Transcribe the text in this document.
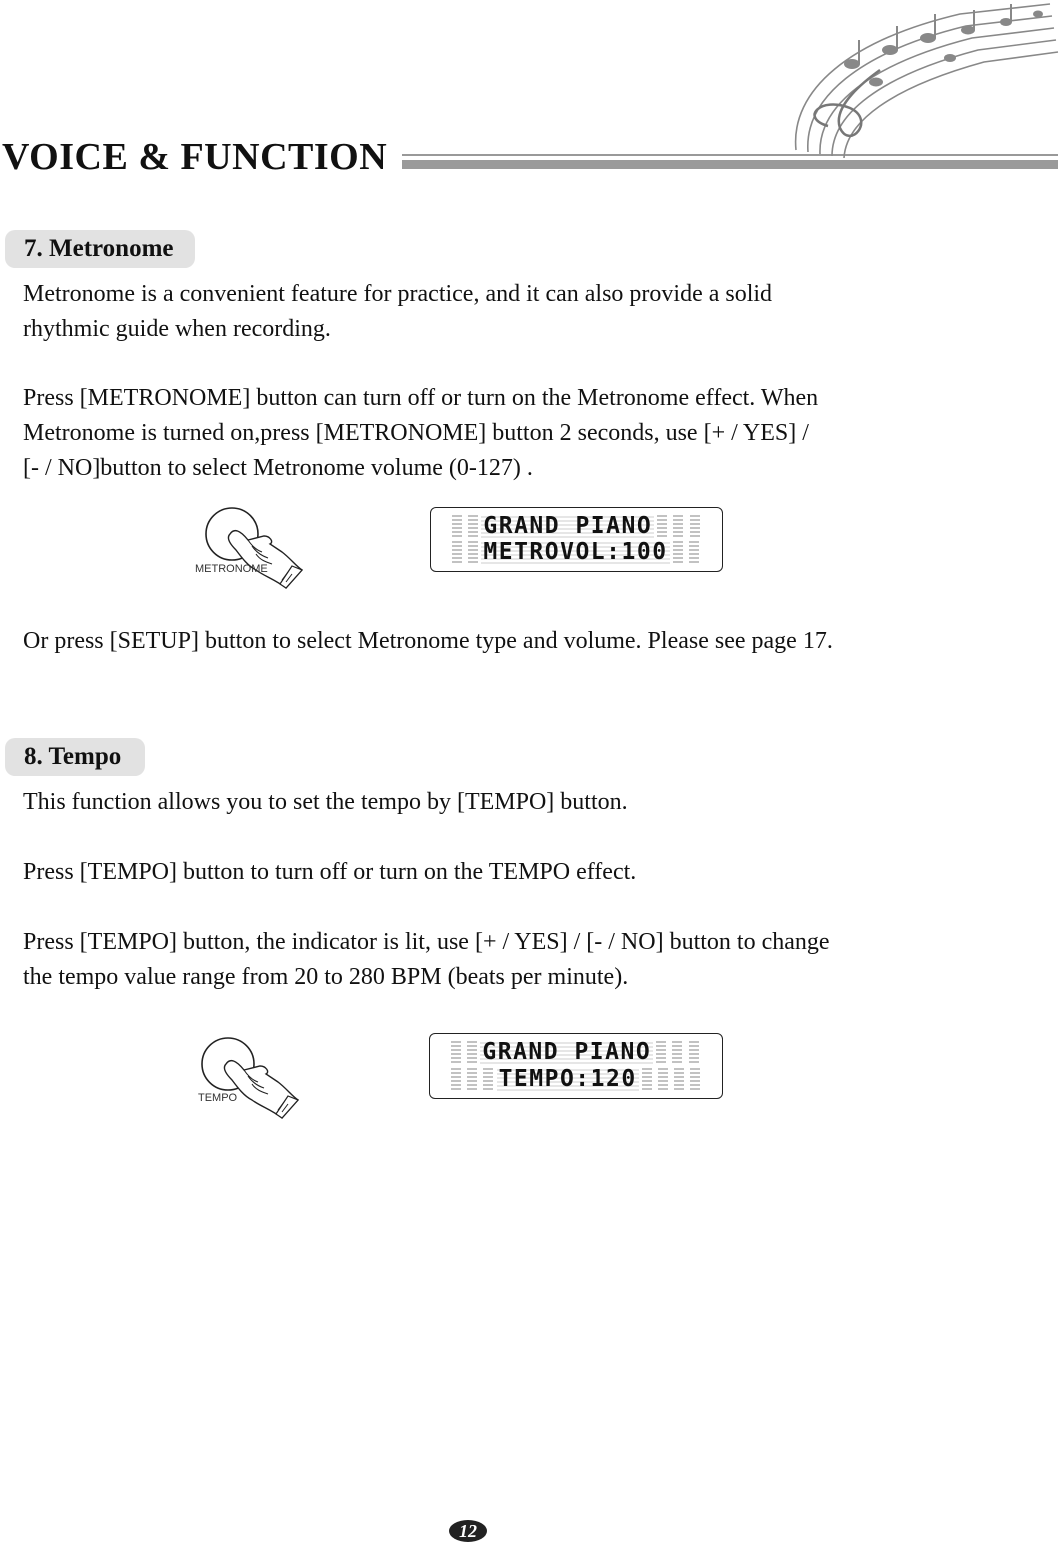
VOICE & FUNCTION
7. Metronome

Metronome is a convenient feature for practice, and it can also provide a solid

rhythmic guide when recording.

Press [METRONOME] button can turn off or turn on the Metronome effect. When

Metronome is turned on,press [METRONOME] button 2 seconds, use [+ / YES] /

[- / NO]button to select Metronome volume (0-127) .

METRONOME
GRAND PIANO
METROVOL:100
Or press [SETUP] button to select Metronome type and volume. Please see page 17.
8. Tempo

This function allows you to set the tempo by [TEMPO] button.

Press [TEMPO] button to turn off or turn on the TEMPO effect.

Press [TEMPO] button, the indicator is lit, use [+ / YES] / [- / NO] button to change

the tempo value range from 20 to 280 BPM (beats per minute).

TEMPO
GRAND PIANO
TEMPO:120
12
